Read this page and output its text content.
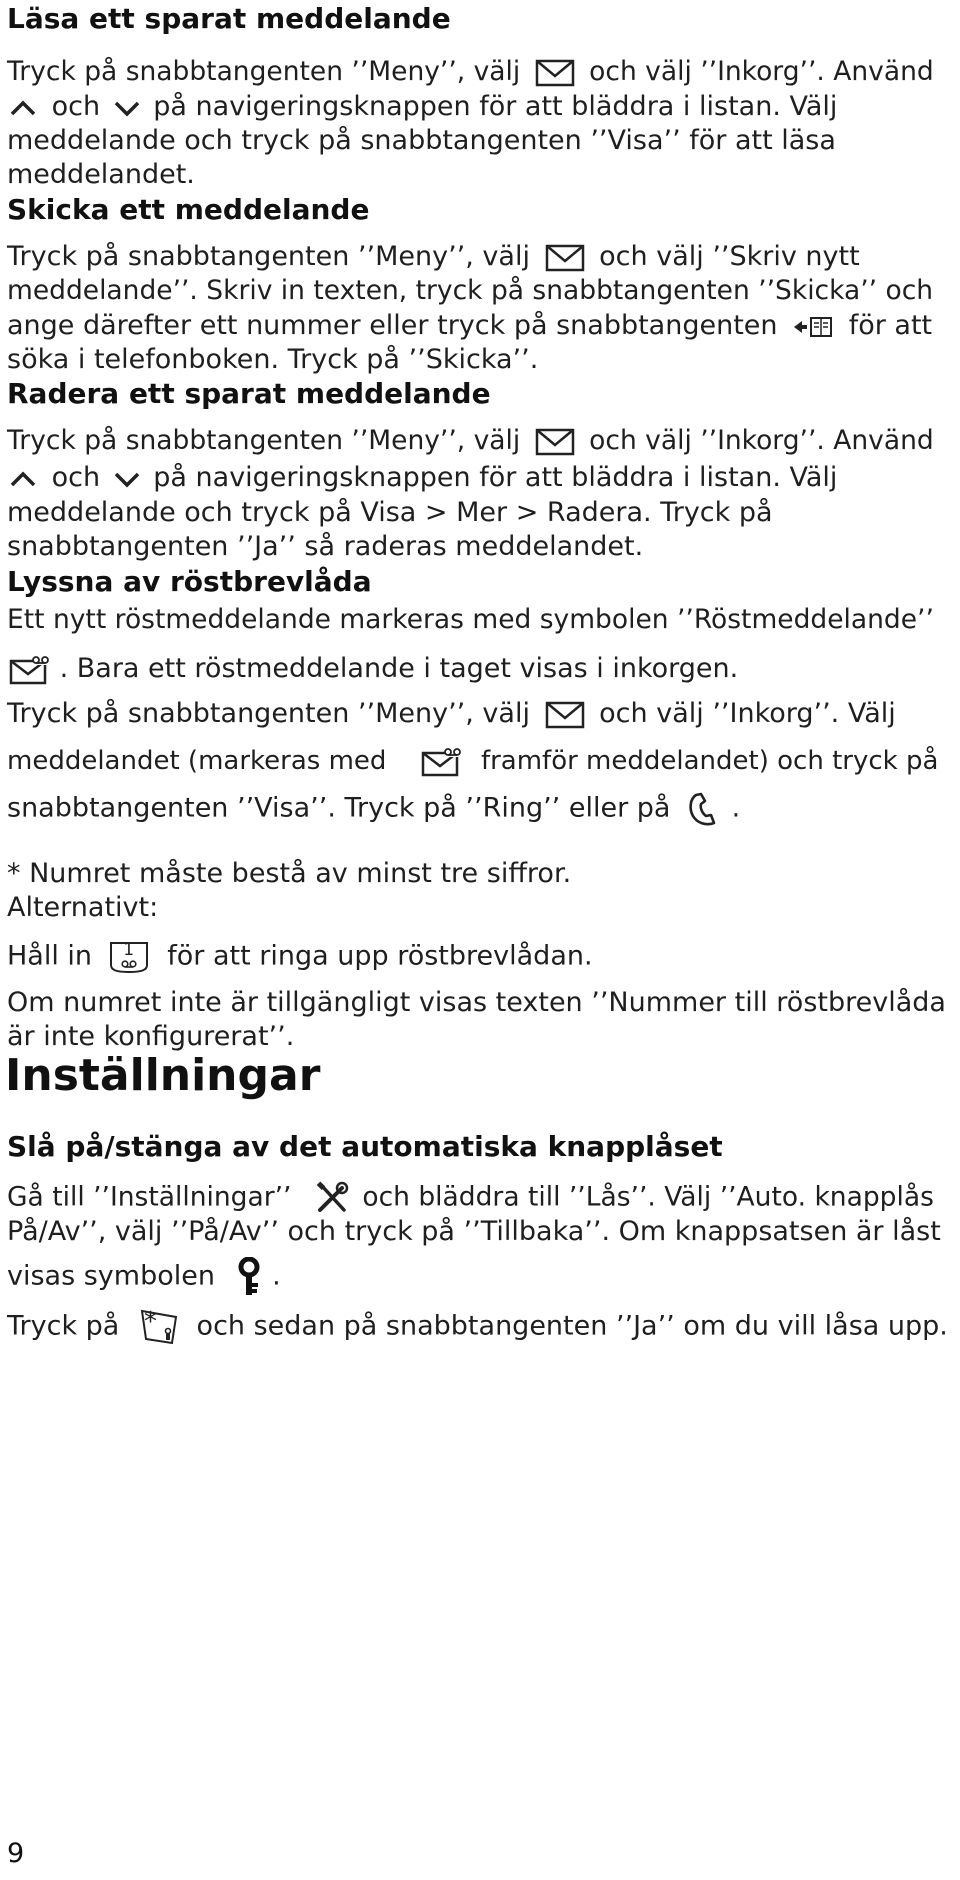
Läsa ett sparat meddelande
Tryck på snabbtangenten ’’Meny’’, välj	och välj ’’Inkorg’’. Använd
och på navigeringsknappen för att bläddra i listan. Välj
meddelande och tryck på snabbtangenten ’’Visa’’ för att läsa
meddelandet.
Skicka ett meddelande
Tryck på snabbtangenten ’’Meny’’, välj	och välj ’’Skriv nytt
meddelande’’. Skriv in texten, tryck på snabbtangenten ’’Skicka’’ och
ange därefter ett nummer eller tryck på snabbtangenten	för att
söka i telefonboken. Tryck på ’’Skicka’’.
Radera ett sparat meddelande
Tryck på snabbtangenten ’’Meny’’, välj	och välj ’’Inkorg’’. Använd
och på navigeringsknappen för att bläddra i listan. Välj
meddelande och tryck på Visa > Mer > Radera. Tryck på
snabbtangenten ’’Ja’’ så raderas meddelandet.
Lyssna av röstbrevlåda
Ett nytt röstmeddelande markeras med symbolen ’’Röstmeddelande’’
. Bara ett röstmeddelande i taget visas i inkorgen.
Tryck på snabbtangenten ’’Meny’’, välj	och välj ’’Inkorg’’. Välj
meddelandet (markeras med	framför meddelandet) och tryck på
snabbtangenten ’’Visa’’. Tryck på ’’Ring’’ eller på .
* Numret måste bestå av minst tre siffror.
Alternativt:
Håll in	1	för att ringa upp röstbrevlådan.
Om numret inte är tillgängligt visas texten ’’Nummer till röstbrevlåda
är inte konfigurerat’’.
Inställningar
Slå på/stänga av det automatiska knapplåset
Gå till ’’Inställningar’’	och bläddra till ’’Lås’’. Välj ’’Auto. knapplås
På/Av’’, välj ’’På/Av’’ och tryck på ’’Tillbaka’’. Om knappsatsen är låst
visas symbolen .
Tryck på * och sedan på snabbtangenten ’’Ja’’ om du vill låsa upp.
9
